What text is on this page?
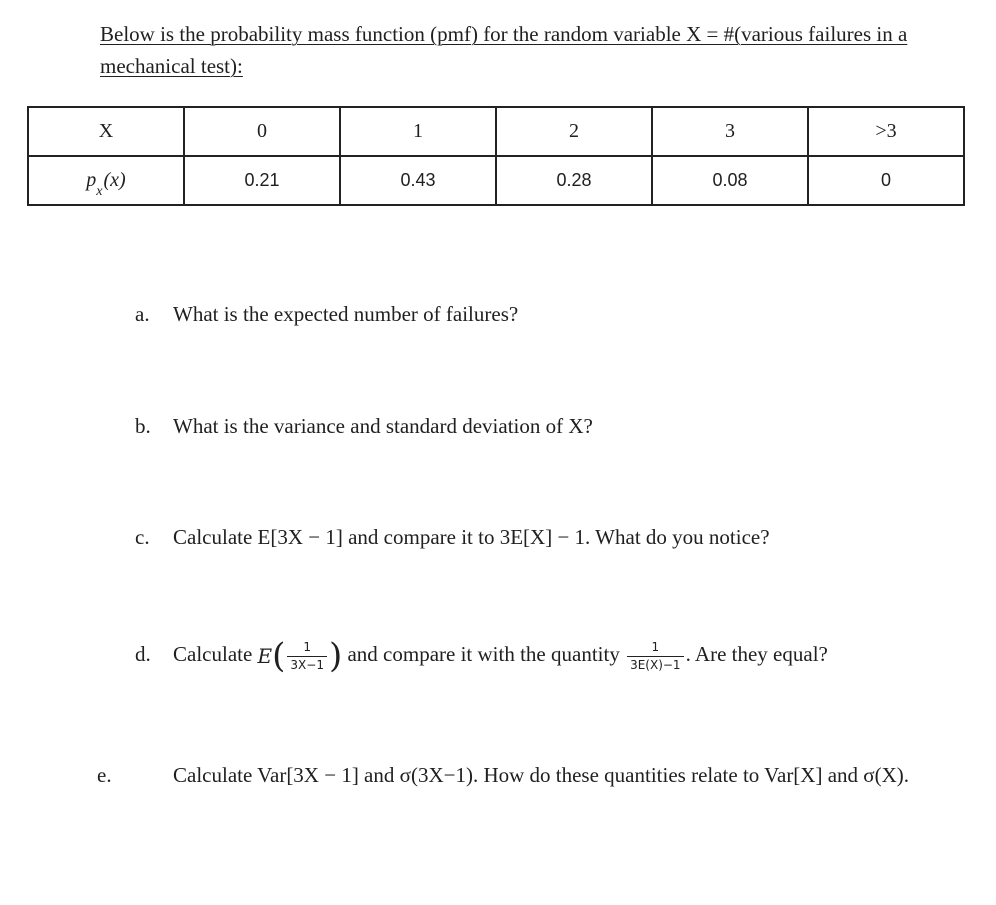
Below is the probability mass function (pmf) for the random variable X = #(various failures in a mechanical test):
X	0	1	2	3	>3
$p_x(x)$	0.21	0.43	0.28	0.08	0
a. What is the expected number of failures?
b. What is the variance and standard deviation of X?
c. Calculate E[3X − 1] and compare it to 3E[X] − 1. What do you notice?
d. Calculate $E( \frac{1}{3X-1}$ ) and compare it with the quantity $\frac{1}{3E(X)-1}$ . Are they equal?
e.	Calculate Var[3X − 1] and σ(3X−1). How do these quantities relate to Var[X] and σ(X).
